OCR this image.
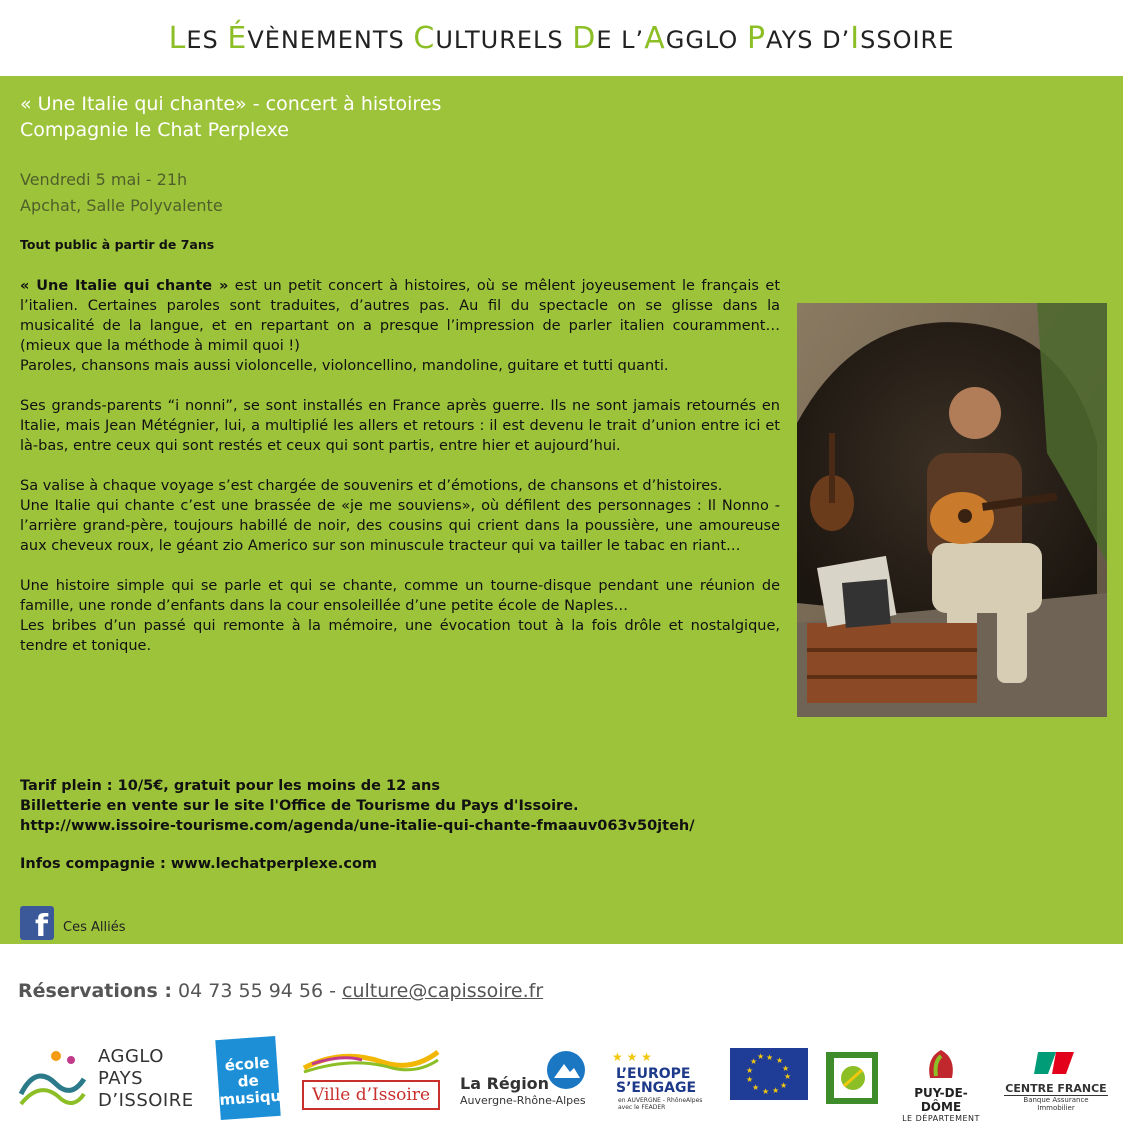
LES ÉVÈNEMENTS CULTURELS DE L’AGGLO PAYS D’ISSOIRE
« Une Italie qui chante» - concert à histoires
Compagnie le Chat Perplexe
Vendredi 5 mai - 21h
Apchat, Salle Polyvalente
Tout public à partir de 7ans

« Une Italie qui chante » est un petit concert à histoires, où se mêlent joyeusement le français et l’italien. Certaines paroles sont traduites, d’autres pas. Au fil du spectacle on se glisse dans la musicalité de la langue, et en repartant on a presque l’impression de parler italien couramment… (mieux que la méthode à mimil quoi !)
Paroles, chansons mais aussi violoncelle, violoncellino, mandoline, guitare et tutti quanti.

Ses grands-parents “i nonni”, se sont installés en France après guerre. Ils ne sont jamais retournés en Italie, mais Jean Métégnier, lui, a multiplié les allers et retours : il est devenu le trait d’union entre ici et là-bas, entre ceux qui sont restés et ceux qui sont partis, entre hier et aujourd’hui.

Sa valise à chaque voyage s’est chargée de souvenirs et d’émotions, de chansons et d’histoires.
Une Italie qui chante c’est une brassée de «je me souviens», où défilent des personnages : Il Nonno - l’arrière grand-père, toujours habillé de noir, des cousins qui crient dans la poussière, une amoureuse aux cheveux roux, le géant zio Americo sur son minuscule tracteur qui va tailler le tabac en riant…

Une histoire simple qui se parle et qui se chante, comme un tourne-disque pendant une réunion de famille, une ronde d’enfants dans la cour ensoleillée d’une petite école de Naples…
Les bribes d’un passé qui remonte à la mémoire, une évocation tout à la fois drôle et nostalgique, tendre et tonique.

Tarif plein : 10/5€, gratuit pour les moins de 12 ans
Billetterie en vente sur le site l'Office de Tourisme du Pays d'Issoire.
http://www.issoire-tourisme.com/agenda/une-italie-qui-chante-fmaauv063v50jteh/
Infos compagnie : www.lechatperplexe.com
f Ces Alliés
Réservations : 04 73 55 94 56 - culture@capissoire.fr
AGGLO
PAYS
D’ISSOIRE
école de
musique	Ville d’Issoire
La Région
Auvergne-Rhône-Alpes
★ ★ ★
L’EUROPE
S’ENGAGE
en AUVERGNE - RhôneAlpes avec le FEADER
★ ★
★
★
★
★
★
★
★
★
★
★
PUY-DE-DÔME
LE DÉPARTEMENT
CENTRE FRANCE
Banque Assurance Immobilier
